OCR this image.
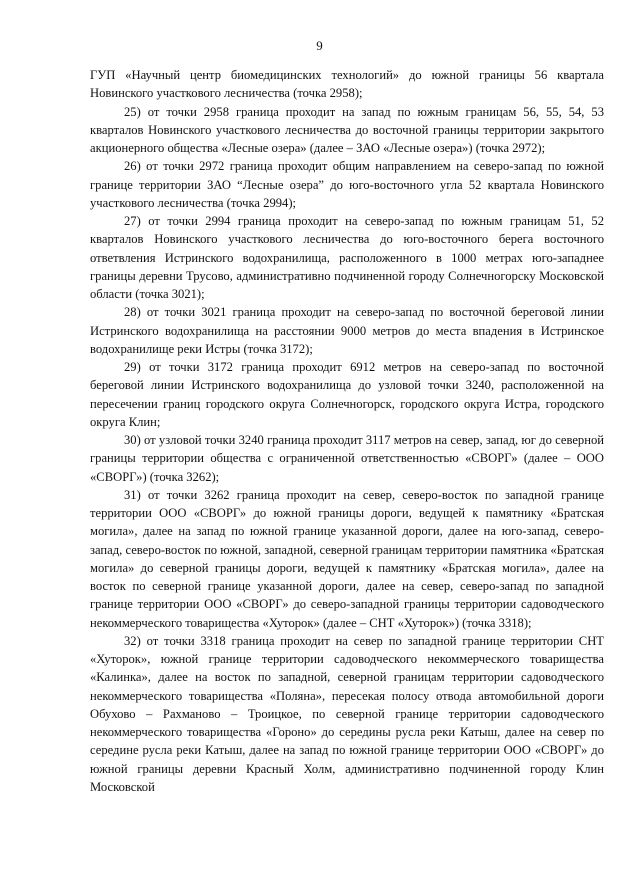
9

ГУП «Научный центр биомедицинских технологий» до южной границы 56 квартала Новинского участкового лесничества (точка 2958);

25) от точки 2958 граница проходит на запад по южным границам 56, 55, 54, 53 кварталов Новинского участкового лесничества до восточной границы территории закрытого акционерного общества «Лесные озера» (далее – ЗАО «Лесные озера») (точка 2972);

26) от точки 2972 граница проходит общим направлением на северо-запад по южной границе территории ЗАО “Лесные озера” до юго-восточного угла 52 квартала Новинского участкового лесничества (точка 2994);

27) от точки 2994 граница проходит на северо-запад по южным границам 51, 52 кварталов Новинского участкового лесничества до юго-восточного берега восточного ответвления Истринского водохранилища, расположенного в 1000 метрах юго-западнее границы деревни Трусово, административно подчиненной городу Солнечногорску Московской области (точка 3021);

28) от точки 3021 граница проходит на северо-запад по восточной береговой линии Истринского водохранилища на расстоянии 9000 метров до места впадения в Истринское водохранилище реки Истры (точка 3172);

29) от точки 3172 граница проходит 6912 метров на северо-запад по восточной береговой линии Истринского водохранилища до узловой точки 3240, расположенной на пересечении границ городского округа Солнечногорск, городского округа Истра, городского округа Клин;

30) от узловой точки 3240 граница проходит 3117 метров на север, запад, юг до северной границы территории общества с ограниченной ответственностью «СВОРГ» (далее – ООО «СВОРГ») (точка 3262);

31) от точки 3262 граница проходит на север, северо-восток по западной границе территории ООО «СВОРГ» до южной границы дороги, ведущей к памятнику «Братская могила», далее на запад по южной границе указанной дороги, далее на юго-запад, северо-запад, северо-восток по южной, западной, северной границам территории памятника «Братская могила» до северной границы дороги, ведущей к памятнику «Братская могила», далее на восток по северной границе указанной дороги, далее на север, северо-запад по западной границе территории ООО «СВОРГ» до северо-западной границы территории садоводческого некоммерческого товарищества «Хуторок» (далее – СНТ «Хуторок») (точка 3318);

32) от точки 3318 граница проходит на север по западной границе территории СНТ «Хуторок», южной границе территории садоводческого некоммерческого товарищества «Калинка», далее на восток по западной, северной границам территории садоводческого некоммерческого товарищества «Поляна», пересекая полосу отвода автомобильной дороги Обухово – Рахманово – Троицкое, по северной границе территории садоводческого некоммерческого товарищества «Гороно» до середины русла реки Катыш, далее на север по середине русла реки Катыш, далее на запад по южной границе территории ООО «СВОРГ» до южной границы деревни Красный Холм, административно подчиненной городу Клин Московской
